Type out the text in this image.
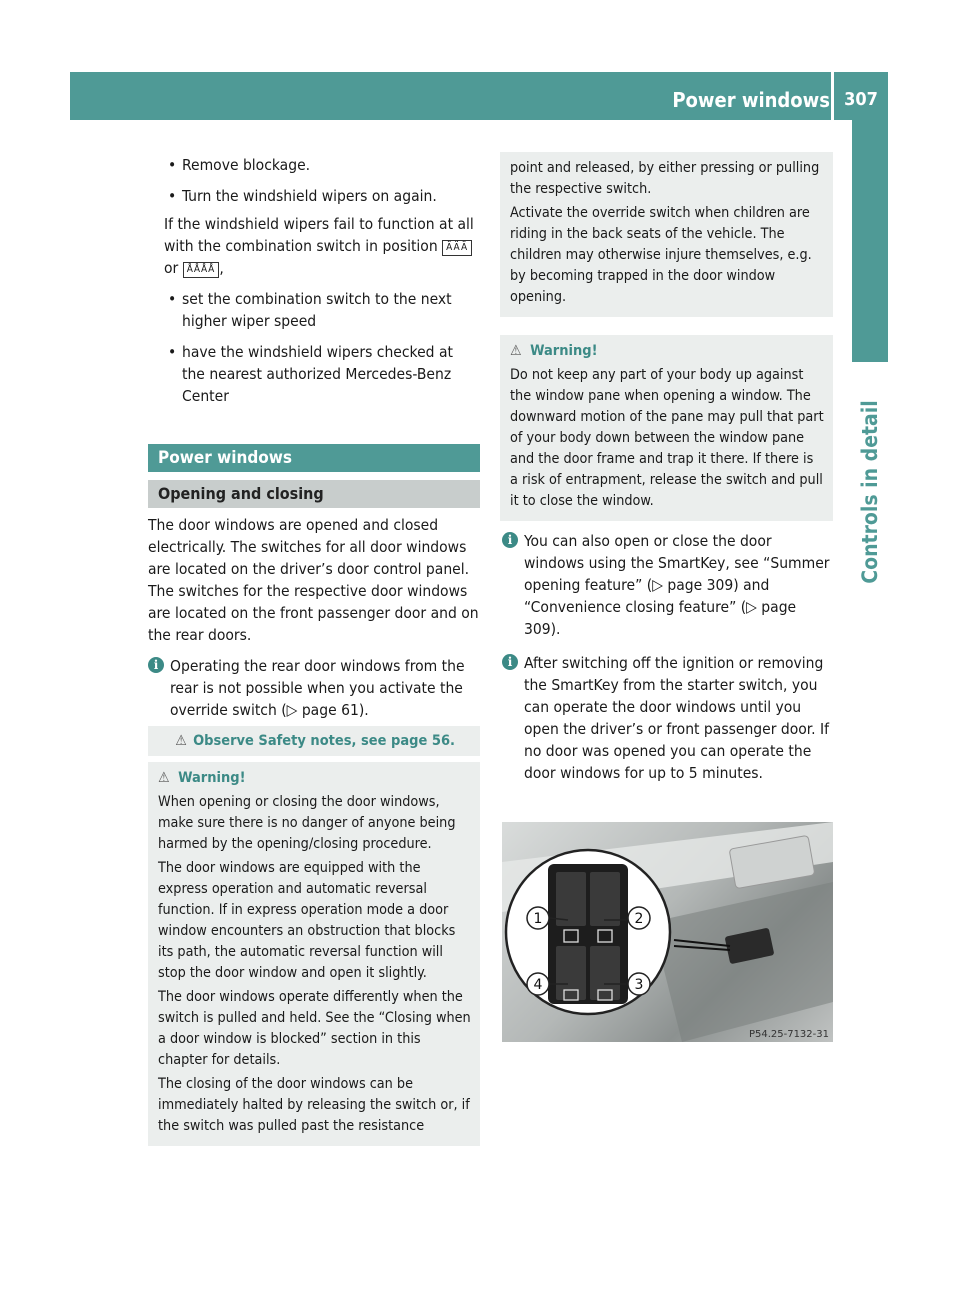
Power windows 307
Controls in detail

• Remove blockage.

• Turn the windshield wipers on again.

If the windshield wipers fail to function at all with the combination switch in position ÄÄÄ or ÅÅÅÅ ,

• set the combination switch to the next higher wiper speed

• have the windshield wipers checked at the nearest authorized Mercedes-Benz Center

Power windows
Opening and closing

The door windows are opened and closed electrically. The switches for all door windows are located on the driver’s door control panel. The switches for the respective door windows are located on the front passenger door and on the rear doors.

i Operating the rear door windows from the rear is not possible when you activate the override switch (▷ page 61).

⚠ Observe Safety notes, see page 56.

⚠ Warning!

When opening or closing the door windows, make sure there is no danger of anyone being harmed by the opening/closing procedure.

The door windows are equipped with the express operation and automatic reversal function. If in express operation mode a door window encounters an obstruction that blocks its path, the automatic reversal function will stop the door window and open it slightly.

The door windows operate differently when the switch is pulled and held. See the “Closing when a door window is blocked” section in this chapter for details.

The closing of the door windows can be immediately halted by releasing the switch or, if the switch was pulled past the resistance

point and released, by either pressing or pulling the respective switch.

Activate the override switch when children are riding in the back seats of the vehicle. The children may otherwise injure themselves, e.g. by becoming trapped in the door window opening.

⚠ Warning!

Do not keep any part of your body up against the window pane when opening a window. The downward motion of the pane may pull that part of your body down between the window pane and the door frame and trap it there. If there is a risk of entrapment, release the switch and pull it to close the window.

i You can also open or close the door windows using the SmartKey, see “Summer opening feature” (▷ page 309) and “Convenience closing feature” (▷ page 309).

i After switching off the ignition or removing the SmartKey from the starter switch, you can operate the door windows until you open the driver’s or front passenger door. If no door was opened you can operate the door windows for up to 5 minutes.

1	2
3
4
P54.25-7132-31
